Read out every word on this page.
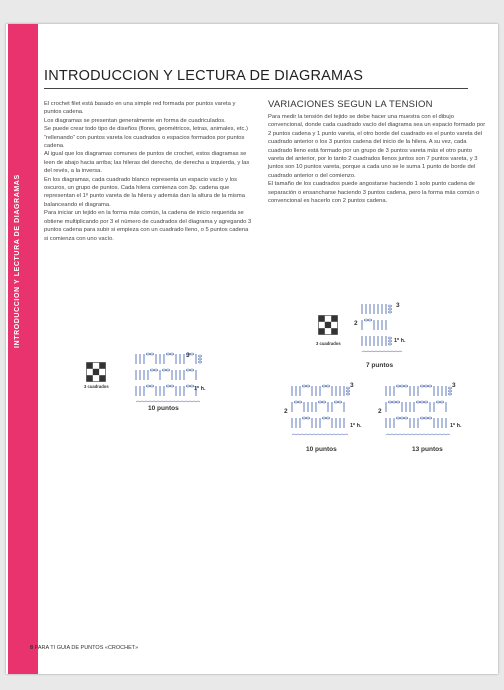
INTRODUCCION Y LECTURA DE DIAGRAMAS
INTRODUCCION Y LECTURA DE DIAGRAMAS

El crochet filet está basado en una simple red formada por puntos vareta y puntos cadena.

Los diagramas se presentan generalmente en forma de cuadriculados.

Se puede crear todo tipo de diseños (flores, geométricos, letras, animales, etc.) “rellenando” con puntos vareta los cuadrados o espacios formados por puntos cadena.

Al igual que los diagramas comunes de puntos de crochet, estos diagramas se leen de abajo hacia arriba; las hileras del derecho, de derecha a izquierda, y las del revés, a la inversa.

En los diagramas, cada cuadrado blanco representa un espacio vacío y los oscuros, un grupo de puntos. Cada hilera comienza con 3p. cadena que representan el 1º punto vareta de la hilera y además dan la altura de la misma balanceando el diagrama.

Para iniciar un tejido en la forma más común, la cadena de inicio requerida se obtiene multiplicando por 3 el número de cuadrados del diagrama y agregando 3 puntos cadena para subir si empieza con un cuadrado lleno, o 5 puntos cadena si comienza con uno vacío.

VARIACIONES SEGUN LA TENSION

Para medir la tensión del tejido se debe hacer una muestra con el dibujo convencional, donde cada cuadrado vacío del diagrama sea un espacio formado por 2 puntos cadena y 1 punto vareta, el otro borde del cuadrado es el punto vareta del cuadrado anterior o los 3 puntos cadena del inicio de la hilera. A su vez, cada cuadrado lleno está formado por un grupo de 3 puntos vareta más el otro punto vareta del anterior, por lo tanto 2 cuadrados llenos juntos son 7 puntos vareta, y 3 juntos son 10 puntos vareta, porque a cada uno se le suma 1 punto de borde del cuadrado anterior o del comienzo.

El tamaño de los cuadrados puede angostarse haciendo 1 solo punto cadena de separación o ensancharse haciendo 3 puntos cadena, pero la forma más común o convencional es hacerlo con 2 puntos cadena.

3 cuadrados
3
1º h.
10 puntos
3 cuadrados
2
3
1º h.
7 puntos
2
3
1º h.
10 puntos
2
3
1º h.
13 puntos
8 PARA TI GUIA DE PUNTOS «CROCHET»
